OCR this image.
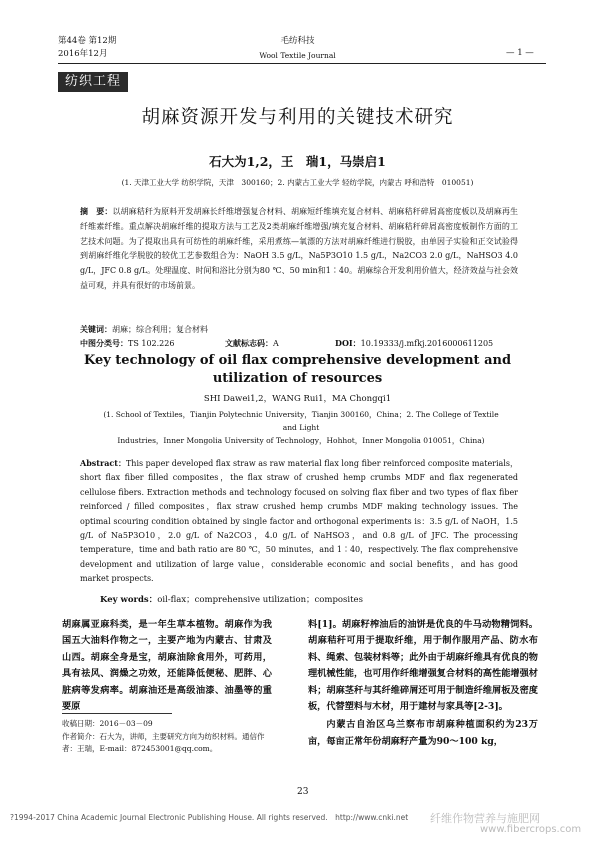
第44卷 第12期
2016年12月
毛纺科技
Wool Textile Journal	— 1 —
纺织工程
胡麻资源开发与利用的关键技术研究
石大为1,2，王　瑞1，马崇启1
(1. 天津工业大学 纺织学院，天津　300160；2. 内蒙古工业大学 轻纺学院，内蒙古 呼和浩特　010051)
摘　要：以胡麻秸秆为原料开发胡麻长纤维增强复合材料、胡麻短纤维填充复合材料、胡麻秸秆碎屑高密度板以及胡麻再生纤维素纤维。重点解决胡麻纤维的提取方法与工艺及2类胡麻纤维增强/填充复合材料、胡麻秸秆碎屑高密度板制作方面的工艺技术问题。为了提取出具有可纺性的胡麻纤维，采用煮练—氧漂的方法对胡麻纤维进行脱胶，由单因子实验和正交试验得到胡麻纤维化学脱胶的较优工艺参数组合为：NaOH 3.5 g/L，Na5P3O10 1.5 g/L，Na2CO3 2.0 g/L，NaHSO3 4.0 g/L，JFC 0.8 g/L。处理温度、时间和浴比分别为80 ℃、50 min和1∶40。胡麻综合开发利用价值大，经济效益与社会效益可观，并具有很好的市场前景。
关键词：胡麻；综合利用；复合材料
中图分类号：TS 102.226	文献标志码：A	DOI：10.19333/j.mfkj.2016000611205
Key technology of oil flax comprehensive development and
utilization of resources
SHI Dawei1,2，WANG Rui1，MA Chongqi1
(1. School of Textiles，Tianjin Polytechnic University，Tianjin 300160，China；2. The College of Textile and Light
Industries，Inner Mongolia University of Technology，Hohhot，Inner Mongolia 010051，China)
Abstract：This paper developed flax straw as raw material flax long fiber reinforced composite materials，short flax fiber filled composites，the flax straw of crushed hemp crumbs MDF and flax regenerated cellulose fibers. Extraction methods and technology focused on solving flax fiber and two types of flax fiber reinforced / filled composites，flax straw crushed hemp crumbs MDF making technology issues. The optimal scouring condition obtained by single factor and orthogonal experiments is：3.5 g/L of NaOH，1.5 g/L of Na5P3O10，2.0 g/L of Na2CO3，4.0 g/L of NaHSO3，and 0.8 g/L of JFC. The processing temperature，time and bath ratio are 80 ℃，50 minutes，and 1∶40，respectively. The flax comprehensive development and utilization of large value，considerable economic and social benefits，and has good market prospects.
Key words：oil-flax；comprehensive utilization；composites
胡麻属亚麻科类，是一年生草本植物。胡麻作为我国五大油料作物之一，主要产地为内蒙古、甘肃及山西。胡麻全身是宝，胡麻油除食用外，可药用，具有祛风、润燥之功效，还能降低便秘、肥胖、心脏病等发病率。胡麻油还是高级油漆、油墨等的重要原
料[1]。胡麻籽榨油后的油饼是优良的牛马动物精饲料。胡麻秸秆可用于提取纤维，用于制作服用产品、防水布料、绳索、包装材料等；此外由于胡麻纤维具有优良的物理机械性能，也可用作纤维增强复合材料的高性能增强材料；胡麻茎秆与其纤维碎屑还可用于制造纤维屑板及密度板，代替塑料与木材，用于建材与家具等[2-3]。
内蒙古自治区乌兰察布市胡麻种植面积约为23万亩，每亩正常年份胡麻籽产量为90～100 kg，
收稿日期：2016－03－09
作者简介：石大为，讲师，主要研究方向为纺织材料。通信作者：王瑞，E-mail：872453001@qq.com。
23
?1994-2017 China Academic Journal Electronic Publishing House. All rights reserved.　http://www.cnki.net 纤维作物营养与施肥网
www.fibercrops.com
